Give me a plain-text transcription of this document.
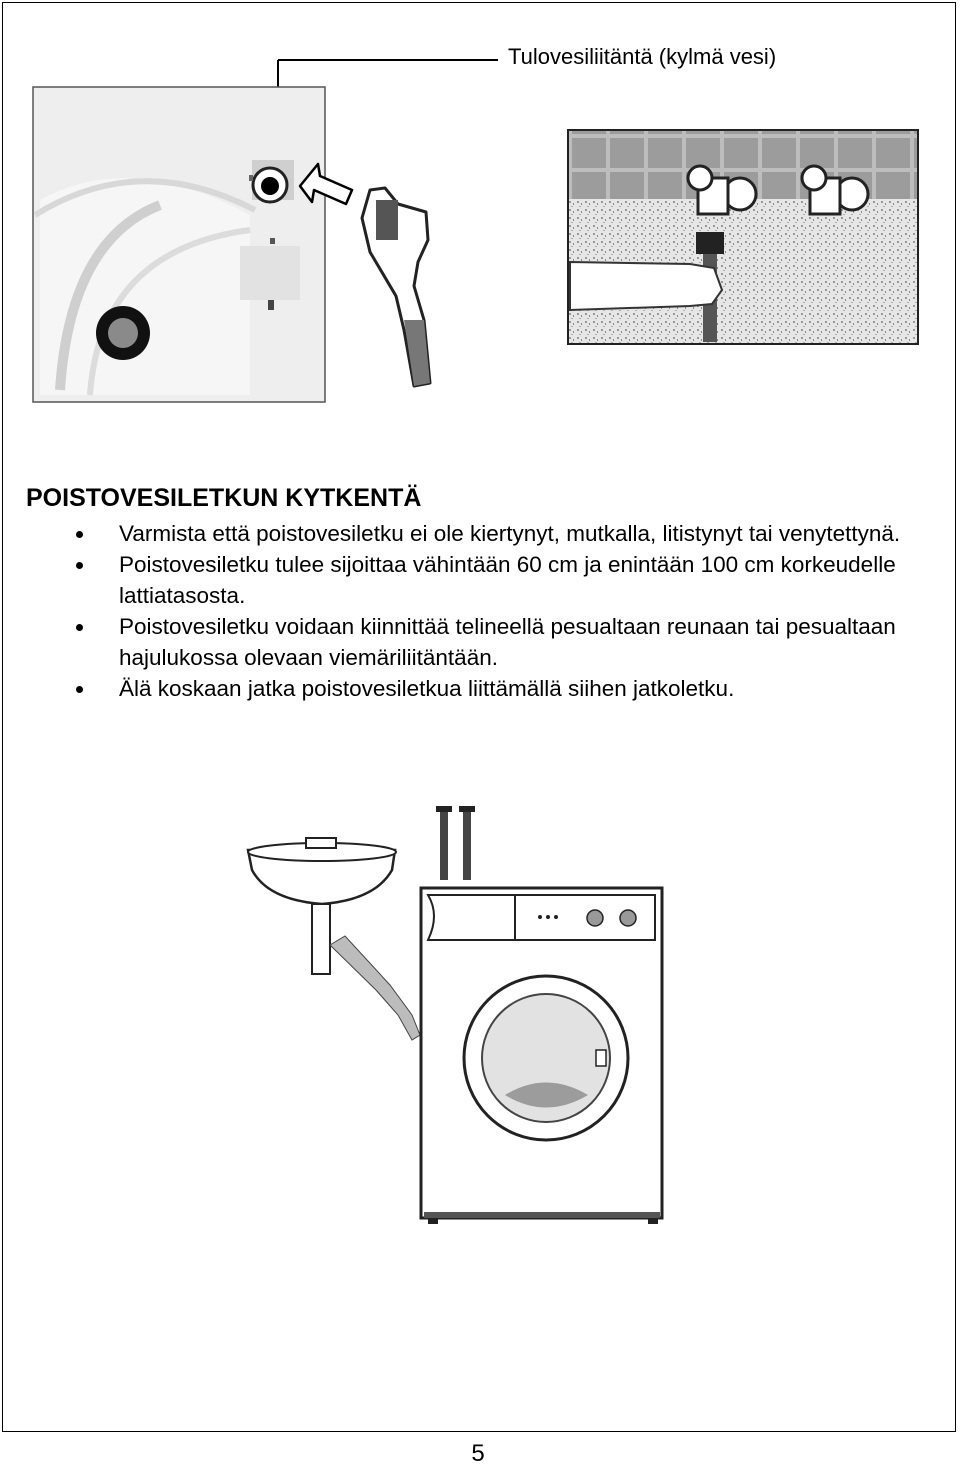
Tulovesiliitäntä (kylmä vesi)
POISTOVESILETKUN KYTKENTÄ
Varmista että poistovesiletku ei ole kiertynyt, mutkalla, litistynyt tai venytettynä.
Poistovesiletku tulee sijoittaa vähintään 60 cm ja enintään 100 cm korkeudelle lattiatasosta.
Poistovesiletku voidaan kiinnittää telineellä pesualtaan reunaan tai pesualtaan hajulukossa olevaan viemäriliitäntään.
Älä koskaan jatka poistovesiletkua liittämällä siihen jatkoletku.
5
